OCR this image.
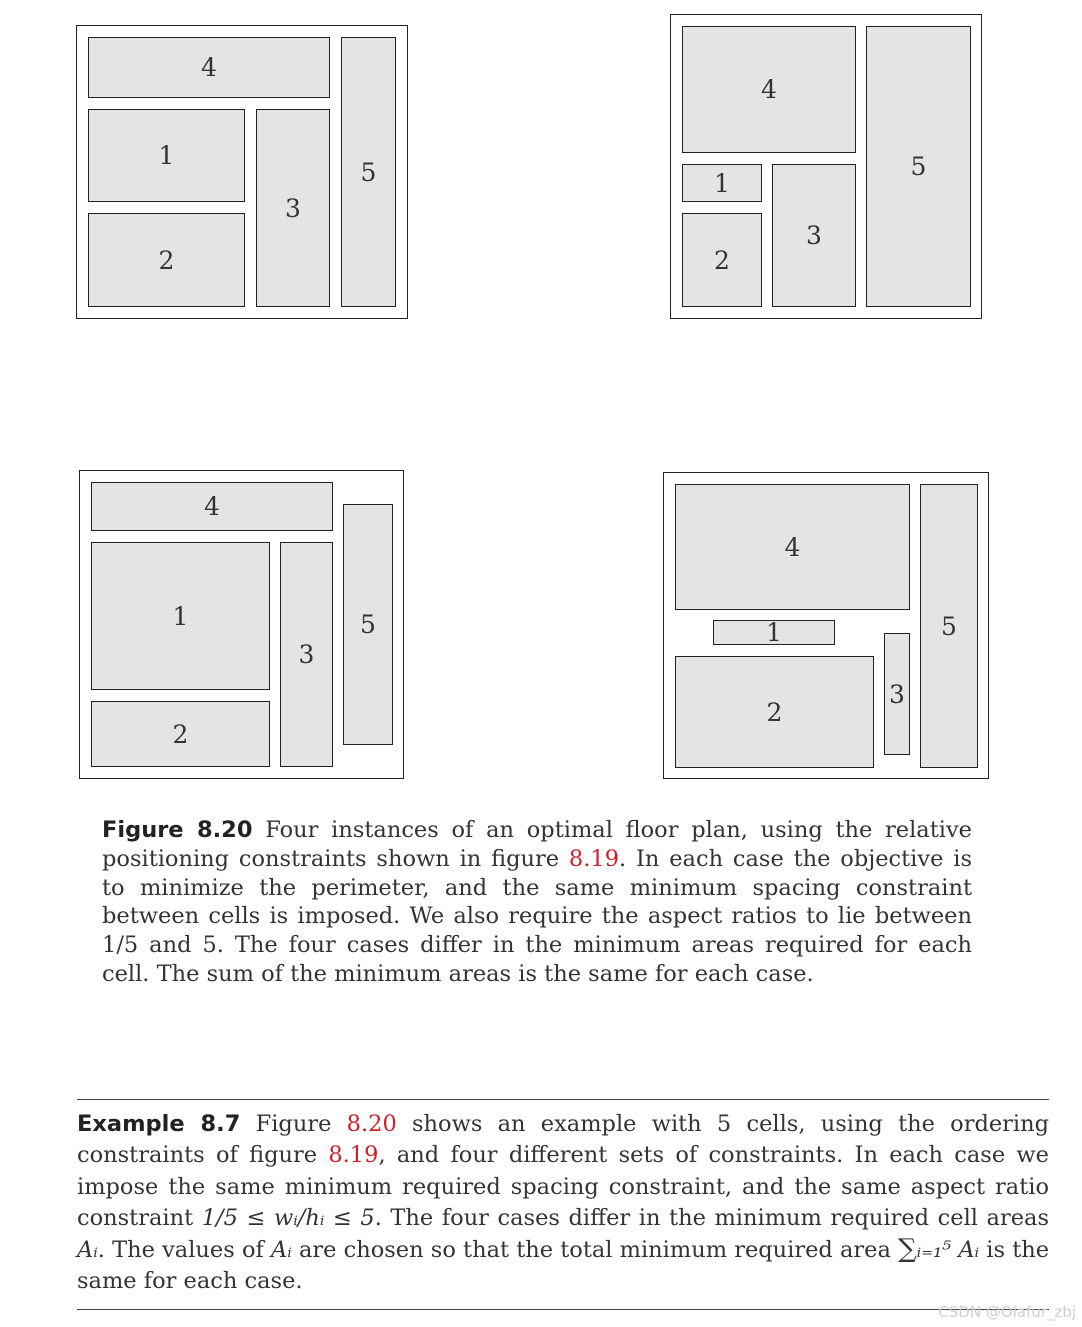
4
1
2
3
5
4
1
2
3
5
4
1
2
3
5
4
1
2
3
5
Figure 8.20 Four instances of an optimal floor plan, using the relative positioning constraints shown in figure 8.19. In each case the objective is to minimize the perimeter, and the same minimum spacing constraint between cells is imposed. We also require the aspect ratios to lie between 1/5 and 5. The four cases differ in the minimum areas required for each cell. The sum of the minimum areas is the same for each case.
Example 8.7 Figure 8.20 shows an example with 5 cells, using the ordering constraints of figure 8.19, and four different sets of constraints. In each case we impose the same minimum required spacing constraint, and the same aspect ratio constraint 1/5 ≤ wᵢ/hᵢ ≤ 5. The four cases differ in the minimum required cell areas Aᵢ. The values of Aᵢ are chosen so that the total minimum required area ∑ᵢ₌₁⁵ Aᵢ is the same for each case.
CSDN @Olafur_zbj
